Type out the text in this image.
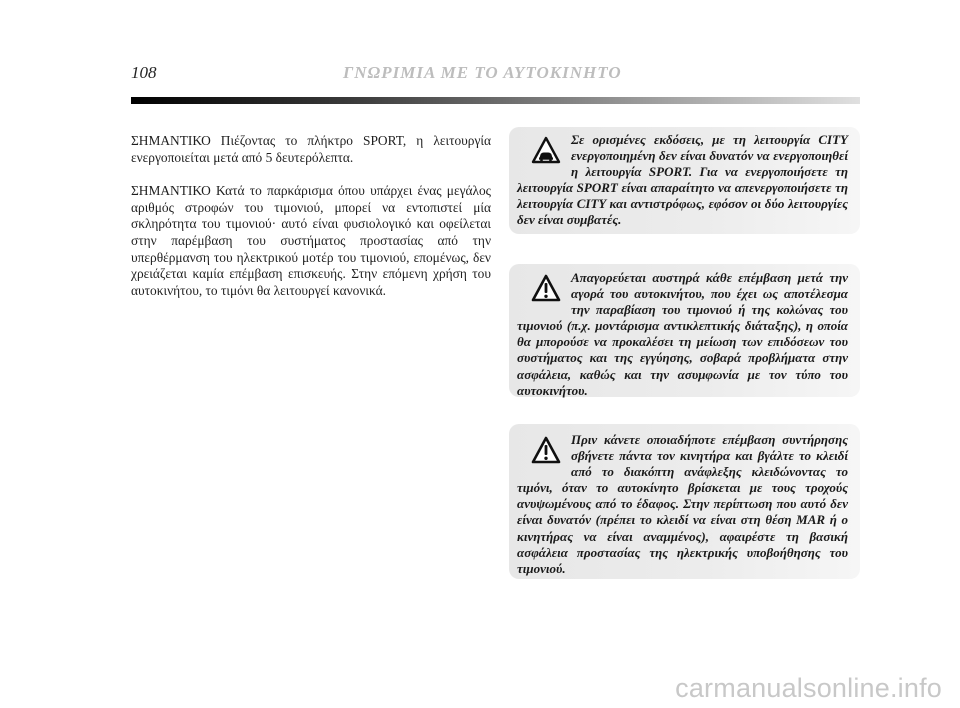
108	ΓΝΩΡΙΜΙΑ ΜΕ ΤΟ ΑΥΤΟΚΙΝΗΤΟ

ΣΗΜΑΝΤΙΚΟ Πιέζοντας το πλήκτρο SPORT, η λειτουργία ενεργοποιείται μετά από 5 δευτερόλεπτα.

ΣΗΜΑΝΤΙΚΟ Κατά το παρκάρισμα όπου υπάρχει ένας μεγάλος αριθμός στροφών του τιμονιού, μπορεί να εντοπιστεί μία σκληρότητα του τιμονιού· αυτό είναι φυσιολογικό και οφείλεται στην παρέμβαση του συστήματος προστασίας από την υπερθέρμανση του ηλεκτρικού μοτέρ του τιμονιού, επομένως, δεν χρειάζεται καμία επέμβαση επισκευής. Στην επόμενη χρήση του αυτοκινήτου, το τιμόνι θα λειτουργεί κανονικά.

Σε ορισμένες εκδόσεις, με τη λειτουργία CITY ενεργοποιημένη δεν είναι δυνατόν να ενεργοποιηθεί η λειτουργία SPORT. Για να ενεργοποιήσετε τη λειτουργία SPORT είναι απαραίτητο να απενεργοποιήσετε τη λειτουργία CITY και αντιστρόφως, εφόσον οι δύο λειτουργίες δεν είναι συμβατές.
Απαγορεύεται αυστηρά κάθε επέμβαση μετά την αγορά του αυτοκινήτου, που έχει ως αποτέλεσμα την παραβίαση του τιμονιού ή της κολώνας του τιμονιού (π.χ. μοντάρισμα αντικλεπτικής διάταξης), η οποία θα μπορούσε να προκαλέσει τη μείωση των επιδόσεων του συστήματος και της εγγύησης, σοβαρά προβλήματα στην ασφάλεια, καθώς και την ασυμφωνία με τον τύπο του αυτοκινήτου.
Πριν κάνετε οποιαδήποτε επέμβαση συντήρησης σβήνετε πάντα τον κινητήρα και βγάλτε το κλειδί από το διακόπτη ανάφλεξης κλειδώνοντας το τιμόνι, όταν το αυτοκίνητο βρίσκεται με τους τροχούς ανυψωμένους από το έδαφος. Στην περίπτωση που αυτό δεν είναι δυνατόν (πρέπει το κλειδί να είναι στη θέση MAR ή ο κινητήρας να είναι αναμμένος), αφαιρέστε τη βασική ασφάλεια προστασίας της ηλεκτρικής υποβοήθησης του τιμονιού.
carmanualsonline.info
